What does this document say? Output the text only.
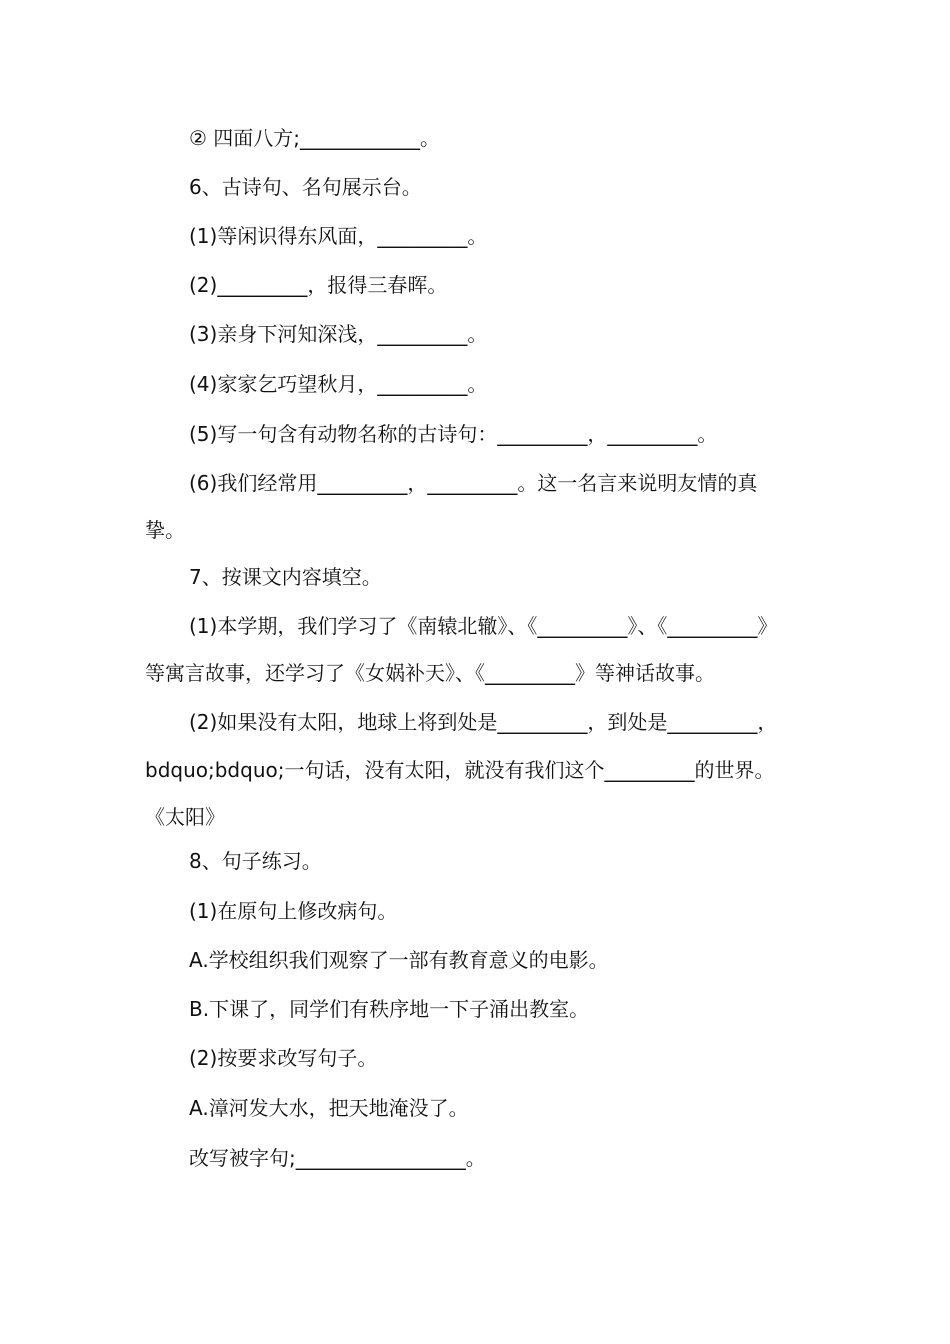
② 四面八方;____________。
6、古诗句、名句展示台。
(1)等闲识得东风面，_________。
(2)_________，报得三春晖。
(3)亲身下河知深浅，_________。
(4)家家乞巧望秋月，_________。
(5)写一句含有动物名称的古诗句：_________，_________。
(6)我们经常用_________，_________。这一名言来说明友情的真
挚。
7、按课文内容填空。
(1)本学期，我们学习了《南辕北辙》、《_________》、《_________》
等寓言故事，还学习了《女娲补天》、《_________》等神话故事。
(2)如果没有太阳，地球上将到处是_________，到处是_________，
bdquo;bdquo;一句话，没有太阳，就没有我们这个_________的世界。
《太阳》
8、句子练习。
(1)在原句上修改病句。
A.学校组织我们观察了一部有教育意义的电影。
B.下课了，同学们有秩序地一下子涌出教室。
(2)按要求改写句子。
A.漳河发大水，把天地淹没了。
改写被字句;_________________。
